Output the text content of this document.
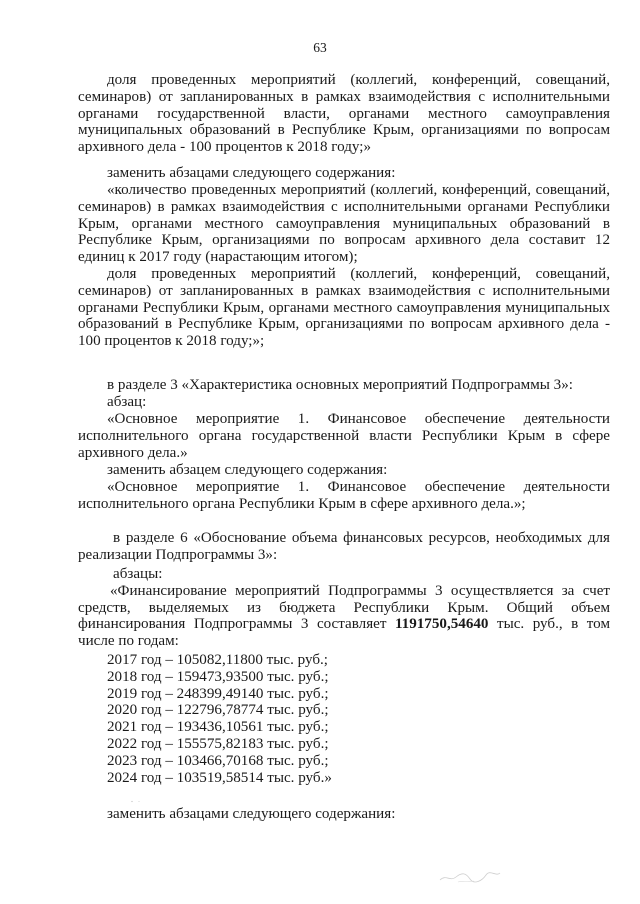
63
доля проведенных мероприятий (коллегий, конференций, совещаний, семинаров) от запланированных в рамках взаимодействия с исполнительными органами государственной власти, органами местного самоуправления муниципальных образований в Республике Крым, организациями по вопросам архивного дела - 100 процентов к 2018 году;»
заменить абзацами следующего содержания:
«количество проведенных мероприятий (коллегий, конференций, совещаний, семинаров) в рамках взаимодействия с исполнительными органами Республики Крым, органами местного самоуправления муниципальных образований в Республике Крым, организациями по вопросам архивного дела составит 12 единиц к 2017 году (нарастающим итогом);
доля проведенных мероприятий (коллегий, конференций, совещаний, семинаров) от запланированных в рамках взаимодействия с исполнительными органами Республики Крым, органами местного самоуправления муниципальных образований в Республике Крым, организациями по вопросам архивного дела - 100 процентов к 2018 году;»;
в разделе 3 «Характеристика основных мероприятий Подпрограммы 3»:
абзац:
«Основное мероприятие 1. Финансовое обеспечение деятельности исполнительного органа государственной власти Республики Крым в сфере архивного дела.»
заменить абзацем следующего содержания:
«Основное мероприятие 1. Финансовое обеспечение деятельности исполнительного органа Республики Крым в сфере архивного дела.»;
в разделе 6 «Обоснование объема финансовых ресурсов, необходимых для реализации Подпрограммы 3»:
абзацы:
«Финансирование мероприятий Подпрограммы 3 осуществляется за счет средств, выделяемых из бюджета Республики Крым. Общий объем финансирования Подпрограммы 3 составляет 1191750,54640 тыс. руб., в том числе по годам:
2017 год – 105082,11800 тыс. руб.;
2018 год – 159473,93500 тыс. руб.;
2019 год – 248399,49140 тыс. руб.;
2020 год – 122796,78774 тыс. руб.;
2021 год – 193436,10561 тыс. руб.;
2022 год – 155575,82183 тыс. руб.;
2023 год – 103466,70168 тыс. руб.;
2024 год – 103519,58514 тыс. руб.»
заменить абзацами следующего содержания:
